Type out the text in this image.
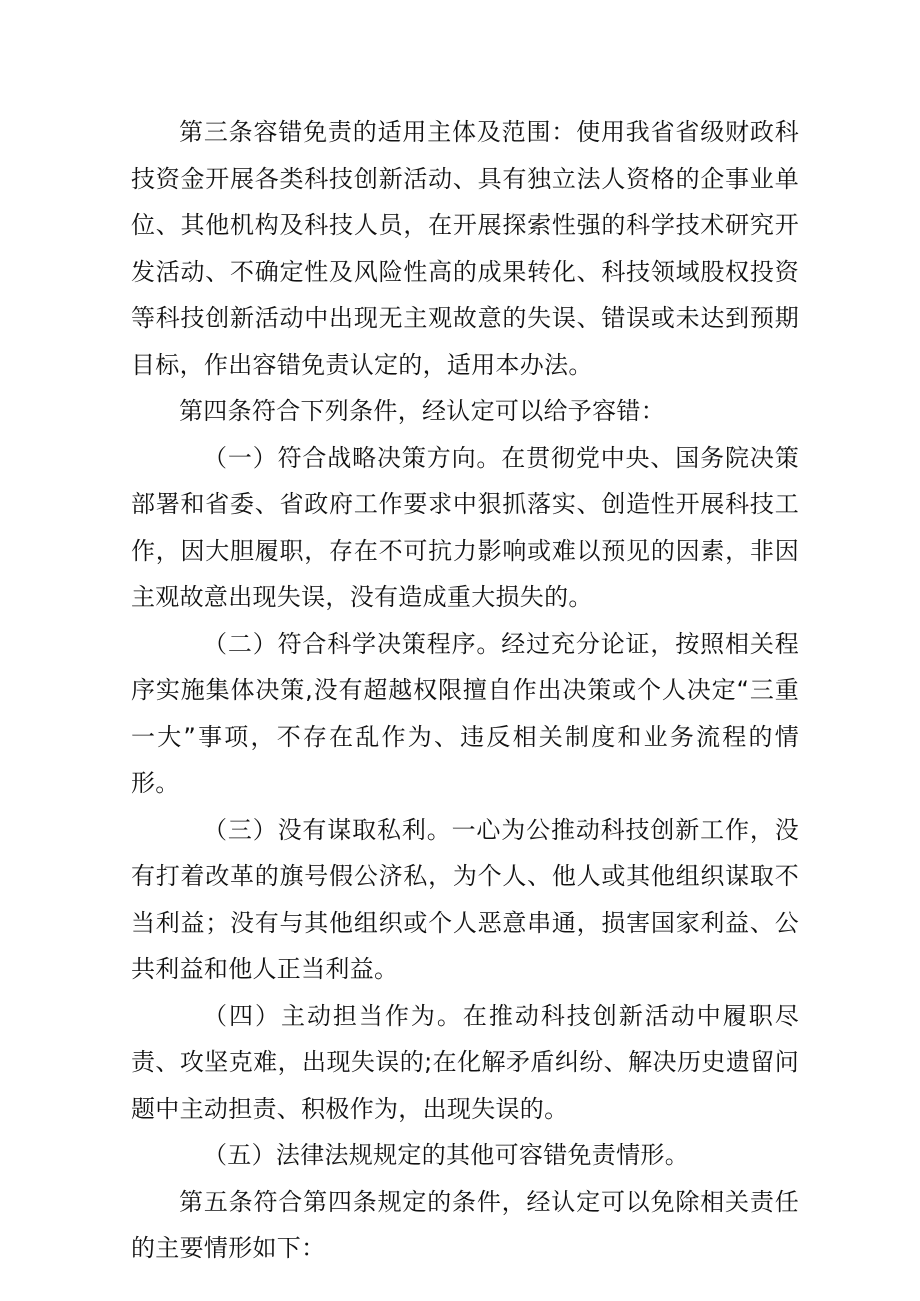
第三条容错免责的适用主体及范围：使用我省省级财政科技资金开展各类科技创新活动、具有独立法人资格的企事业单位、其他机构及科技人员，在开展探索性强的科学技术研究开发活动、不确定性及风险性高的成果转化、科技领域股权投资等科技创新活动中出现无主观故意的失误、错误或未达到预期目标，作出容错免责认定的，适用本办法。

第四条符合下列条件，经认定可以给予容错：

（一）符合战略决策方向。在贯彻党中央、国务院决策部署和省委、省政府工作要求中狠抓落实、创造性开展科技工作，因大胆履职，存在不可抗力影响或难以预见的因素，非因主观故意出现失误，没有造成重大损失的。

（二）符合科学决策程序。经过充分论证，按照相关程序实施集体决策,没有超越权限擅自作出决策或个人决定“三重一大”事项，不存在乱作为、违反相关制度和业务流程的情形。

（三）没有谋取私利。一心为公推动科技创新工作，没有打着改革的旗号假公济私，为个人、他人或其他组织谋取不当利益；没有与其他组织或个人恶意串通，损害国家利益、公共利益和他人正当利益。

（四）主动担当作为。在推动科技创新活动中履职尽责、攻坚克难，出现失误的;在化解矛盾纠纷、解决历史遗留问题中主动担责、积极作为，出现失误的。

（五）法律法规规定的其他可容错免责情形。

第五条符合第四条规定的条件，经认定可以免除相关责任的主要情形如下：
